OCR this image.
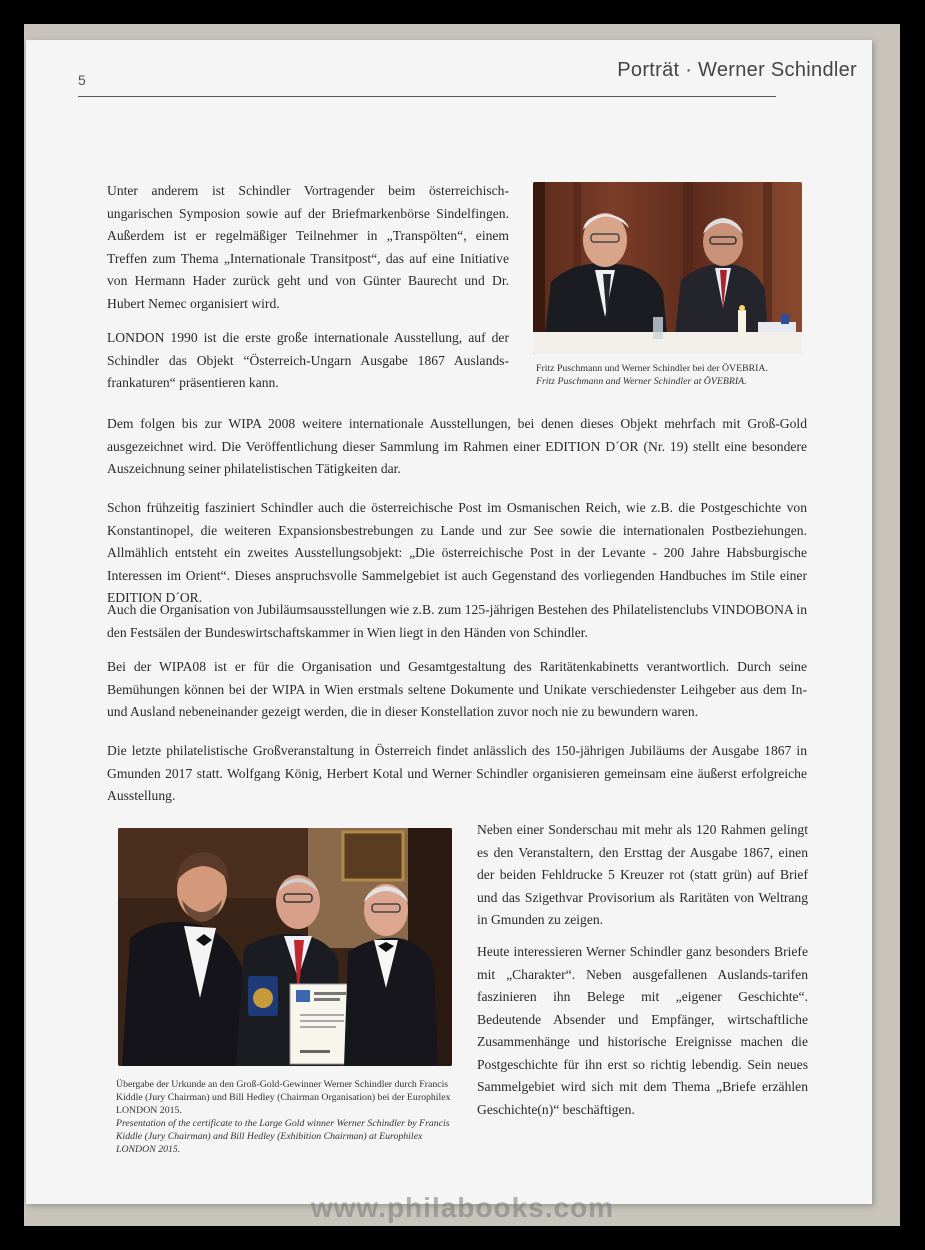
5	Porträt · Werner Schindler

Unter anderem ist Schindler Vortragender beim österreichisch-ungarischen Symposion sowie auf der Briefmarkenbörse Sindelfingen. Außerdem ist er regelmäßiger Teilnehmer in „Transpölten“, einem Treffen zum Thema „Internationale Transitpost“, das auf eine Initiative von Hermann Hader zurück geht und von Günter Baurecht und Dr. Hubert Nemec organisiert wird.

LONDON 1990 ist die erste große internationale Ausstellung, auf der Schindler das Objekt “Österreich-Ungarn Ausgabe 1867 Auslands-frankaturen“ präsentieren kann.

Fritz Puschmann und Werner Schindler bei der ÖVEBRIA.
Fritz Puschmann and Werner Schindler at ÖVEBRIA.

Dem folgen bis zur WIPA 2008 weitere internationale Ausstellungen, bei denen dieses Objekt mehrfach mit Groß-Gold ausgezeichnet wird. Die Veröffentlichung dieser Sammlung im Rahmen einer EDITION D´OR (Nr. 19) stellt eine besondere Auszeichnung seiner philatelistischen Tätigkeiten dar.

Schon frühzeitig fasziniert Schindler auch die österreichische Post im Osmanischen Reich, wie z.B. die Postgeschichte von Konstantinopel, die weiteren Expansionsbestrebungen zu Lande und zur See sowie die internationalen Postbeziehungen. Allmählich entsteht ein zweites Ausstellungsobjekt: „Die österreichische Post in der Levante - 200 Jahre Habsburgische Interessen im Orient“. Dieses anspruchsvolle Sammelgebiet ist auch Gegenstand des vorliegenden Handbuches im Stile einer EDITION D´OR.

Auch die Organisation von Jubiläumsausstellungen wie z.B. zum 125-jährigen Bestehen des Philatelistenclubs VINDOBONA in den Festsälen der Bundeswirtschaftskammer in Wien liegt in den Händen von Schindler.

Bei der WIPA08 ist er für die Organisation und Gesamtgestaltung des Raritätenkabinetts verantwortlich. Durch seine Bemühungen können bei der WIPA in Wien erstmals seltene Dokumente und Unikate verschiedenster Leihgeber aus dem In- und Ausland nebeneinander gezeigt werden, die in dieser Konstellation zuvor noch nie zu bewundern waren.

Die letzte philatelistische Großveranstaltung in Österreich findet anlässlich des 150-jährigen Jubiläums der Ausgabe 1867 in Gmunden 2017 statt. Wolfgang König, Herbert Kotal und Werner Schindler organisieren gemeinsam eine äußerst erfolgreiche Ausstellung.

Übergabe der Urkunde an den Groß-Gold-Gewinner Werner Schindler durch Francis Kiddle (Jury Chairman) und Bill Hedley (Chairman Organisation) bei der Europhilex LONDON 2015.
Presentation of the certificate to the Large Gold winner Werner Schindler by Francis Kiddle (Jury Chairman) and Bill Hedley (Exhibition Chairman) at Europhilex LONDON 2015.

Neben einer Sonderschau mit mehr als 120 Rahmen gelingt es den Veranstaltern, den Ersttag der Ausgabe 1867, einen der beiden Fehldrucke 5 Kreuzer rot (statt grün) auf Brief und das Szigethvar Provisorium als Raritäten von Weltrang in Gmunden zu zeigen.

Heute interessieren Werner Schindler ganz besonders Briefe mit „Charakter“. Neben ausgefallenen Auslands-tarifen faszinieren ihn Belege mit „eigener Geschichte“. Bedeutende Absender und Empfänger, wirtschaftliche Zusammenhänge und historische Ereignisse machen die Postgeschichte für ihn erst so richtig lebendig. Sein neues Sammelgebiet wird sich mit dem Thema „Briefe erzählen Geschichte(n)“ beschäftigen.

www.philabooks.com
